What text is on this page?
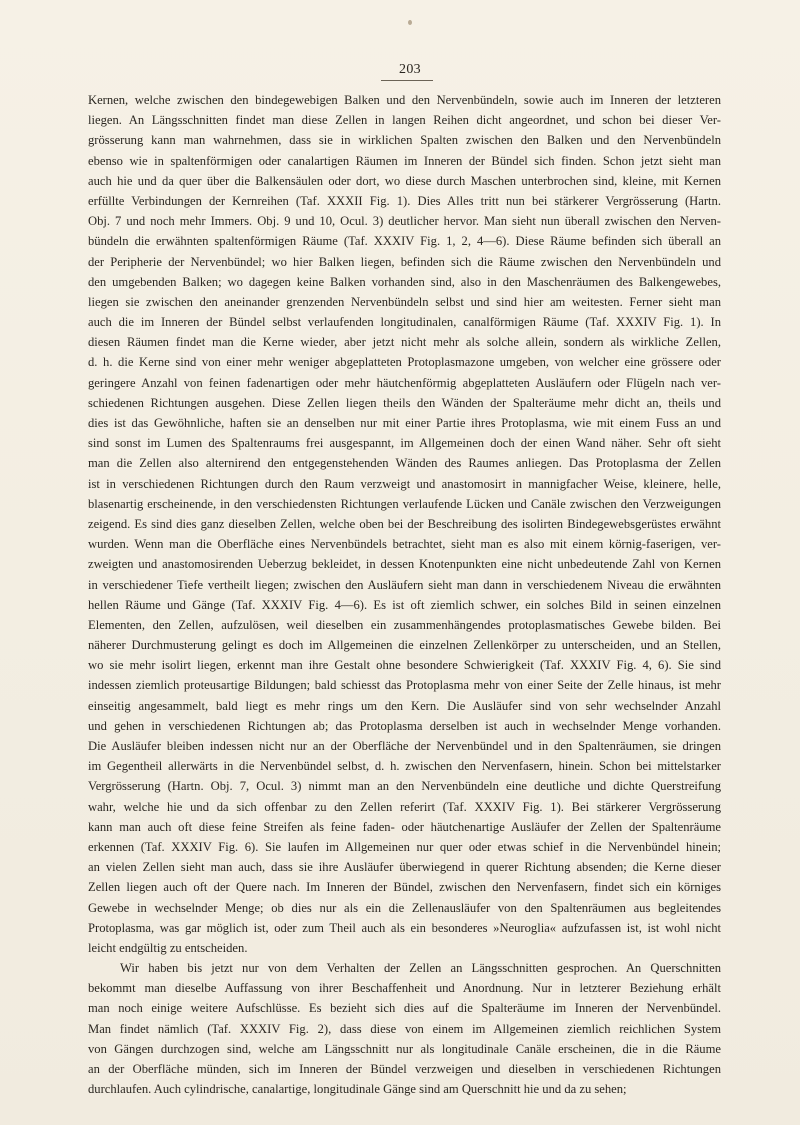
203
Kernen, welche zwischen den bindegewebigen Balken und den Nervenbündeln, sowie auch im Inneren der letzteren
liegen. An Längsschnitten findet man diese Zellen in langen Reihen dicht angeordnet, und schon bei dieser Ver-
grösserung kann man wahrnehmen, dass sie in wirklichen Spalten zwischen den Balken und den Nervenbündeln
ebenso wie in spaltenförmigen oder canalartigen Räumen im Inneren der Bündel sich finden. Schon jetzt sieht man
auch hie und da quer über die Balkensäulen oder dort, wo diese durch Maschen unterbrochen sind, kleine, mit Kernen
erfüllte Verbindungen der Kernreihen (Taf. XXXII Fig. 1). Dies Alles tritt nun bei stärkerer Vergrösserung (Hartn.
Obj. 7 und noch mehr Immers. Obj. 9 und 10, Ocul. 3) deutlicher hervor. Man sieht nun überall zwischen den Nerven-
bündeln die erwähnten spaltenförmigen Räume (Taf. XXXIV Fig. 1, 2, 4—6). Diese Räume befinden sich überall an
der Peripherie der Nervenbündel; wo hier Balken liegen, befinden sich die Räume zwischen den Nervenbündeln und
den umgebenden Balken; wo dagegen keine Balken vorhanden sind, also in den Maschenräumen des Balkengewebes,
liegen sie zwischen den aneinander grenzenden Nervenbündeln selbst und sind hier am weitesten. Ferner sieht man
auch die im Inneren der Bündel selbst verlaufenden longitudinalen, canalförmigen Räume (Taf. XXXIV Fig. 1). In
diesen Räumen findet man die Kerne wieder, aber jetzt nicht mehr als solche allein, sondern als wirkliche Zellen,
d. h. die Kerne sind von einer mehr weniger abgeplatteten Protoplasmazone umgeben, von welcher eine grössere oder
geringere Anzahl von feinen fadenartigen oder mehr häutchenförmig abgeplatteten Ausläufern oder Flügeln nach ver-
schiedenen Richtungen ausgehen. Diese Zellen liegen theils den Wänden der Spalteräume mehr dicht an, theils und
dies ist das Gewöhnliche, haften sie an denselben nur mit einer Partie ihres Protoplasma, wie mit einem Fuss an und
sind sonst im Lumen des Spaltenraums frei ausgespannt, im Allgemeinen doch der einen Wand näher. Sehr oft sieht
man die Zellen also alternirend den entgegenstehenden Wänden des Raumes anliegen. Das Protoplasma der Zellen
ist in verschiedenen Richtungen durch den Raum verzweigt und anastomosirt in mannigfacher Weise, kleinere, helle,
blasenartig erscheinende, in den verschiedensten Richtungen verlaufende Lücken und Canäle zwischen den Verzweigungen
zeigend. Es sind dies ganz dieselben Zellen, welche oben bei der Beschreibung des isolirten Bindegewebsgerüstes erwähnt
wurden. Wenn man die Oberfläche eines Nervenbündels betrachtet, sieht man es also mit einem körnig-faserigen, ver-
zweigten und anastomosirenden Ueberzug bekleidet, in dessen Knotenpunkten eine nicht unbedeutende Zahl von Kernen
in verschiedener Tiefe vertheilt liegen; zwischen den Ausläufern sieht man dann in verschiedenem Niveau die erwähnten
hellen Räume und Gänge (Taf. XXXIV Fig. 4—6). Es ist oft ziemlich schwer, ein solches Bild in seinen einzelnen
Elementen, den Zellen, aufzulösen, weil dieselben ein zusammenhängendes protoplasmatisches Gewebe bilden. Bei
näherer Durchmusterung gelingt es doch im Allgemeinen die einzelnen Zellenkörper zu unterscheiden, und an Stellen,
wo sie mehr isolirt liegen, erkennt man ihre Gestalt ohne besondere Schwierigkeit (Taf. XXXIV Fig. 4, 6). Sie sind
indessen ziemlich proteusartige Bildungen; bald schiesst das Protoplasma mehr von einer Seite der Zelle hinaus, ist mehr
einseitig angesammelt, bald liegt es mehr rings um den Kern. Die Ausläufer sind von sehr wechselnder Anzahl
und gehen in verschiedenen Richtungen ab; das Protoplasma derselben ist auch in wechselnder Menge vorhanden.
Die Ausläufer bleiben indessen nicht nur an der Oberfläche der Nervenbündel und in den Spaltenräumen, sie dringen
im Gegentheil allerwärts in die Nervenbündel selbst, d. h. zwischen den Nervenfasern, hinein. Schon bei mittelstarker
Vergrösserung (Hartn. Obj. 7, Ocul. 3) nimmt man an den Nervenbündeln eine deutliche und dichte Querstreifung
wahr, welche hie und da sich offenbar zu den Zellen referirt (Taf. XXXIV Fig. 1). Bei stärkerer Vergrösserung
kann man auch oft diese feine Streifen als feine faden- oder häutchenartige Ausläufer der Zellen der Spaltenräume
erkennen (Taf. XXXIV Fig. 6). Sie laufen im Allgemeinen nur quer oder etwas schief in die Nervenbündel hinein;
an vielen Zellen sieht man auch, dass sie ihre Ausläufer überwiegend in querer Richtung absenden; die Kerne dieser
Zellen liegen auch oft der Quere nach. Im Inneren der Bündel, zwischen den Nervenfasern, findet sich ein körniges
Gewebe in wechselnder Menge; ob dies nur als ein die Zellenausläufer von den Spaltenräumen aus begleitendes
Protoplasma, was gar möglich ist, oder zum Theil auch als ein besonderes »Neuroglia« aufzufassen ist, ist wohl nicht
leicht endgültig zu entscheiden.
Wir haben bis jetzt nur von dem Verhalten der Zellen an Längsschnitten gesprochen. An Querschnitten
bekommt man dieselbe Auffassung von ihrer Beschaffenheit und Anordnung. Nur in letzterer Beziehung erhält
man noch einige weitere Aufschlüsse. Es bezieht sich dies auf die Spalteräume im Inneren der Nervenbündel.
Man findet nämlich (Taf. XXXIV Fig. 2), dass diese von einem im Allgemeinen ziemlich reichlichen System
von Gängen durchzogen sind, welche am Längsschnitt nur als longitudinale Canäle erscheinen, die in die Räume
an der Oberfläche münden, sich im Inneren der Bündel verzweigen und dieselben in verschiedenen Richtungen
durchlaufen. Auch cylindrische, canalartige, longitudinale Gänge sind am Querschnitt hie und da zu sehen;
